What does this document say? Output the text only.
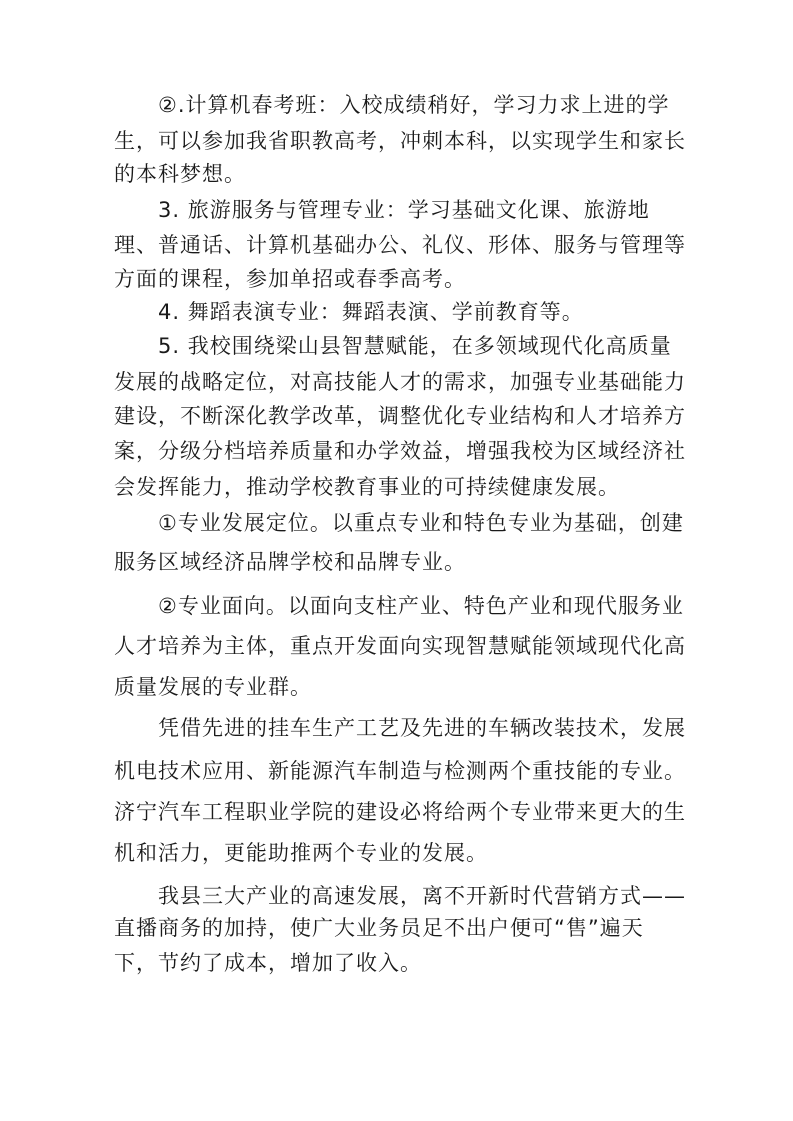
②.计算机春考班：入校成绩稍好，学习力求上进的学
生，可以参加我省职教高考，冲刺本科，以实现学生和家长
的本科梦想。
3. 旅游服务与管理专业：学习基础文化课、旅游地
理、普通话、计算机基础办公、礼仪、形体、服务与管理等
方面的课程，参加单招或春季高考。
4. 舞蹈表演专业：舞蹈表演、学前教育等。
5. 我校围绕梁山县智慧赋能，在多领域现代化高质量
发展的战略定位，对高技能人才的需求，加强专业基础能力
建设，不断深化教学改革，调整优化专业结构和人才培养方
案，分级分档培养质量和办学效益，增强我校为区域经济社
会发挥能力，推动学校教育事业的可持续健康发展。
①专业发展定位。以重点专业和特色专业为基础，创建
服务区域经济品牌学校和品牌专业。
②专业面向。以面向支柱产业、特色产业和现代服务业
人才培养为主体，重点开发面向实现智慧赋能领域现代化高
质量发展的专业群。
凭借先进的挂车生产工艺及先进的车辆改装技术，发展
机电技术应用、新能源汽车制造与检测两个重技能的专业。
济宁汽车工程职业学院的建设必将给两个专业带来更大的生
机和活力，更能助推两个专业的发展。
我县三大产业的高速发展，离不开新时代营销方式——
直播商务的加持，使广大业务员足不出户便可“售”遍天
下，节约了成本，增加了收入。
